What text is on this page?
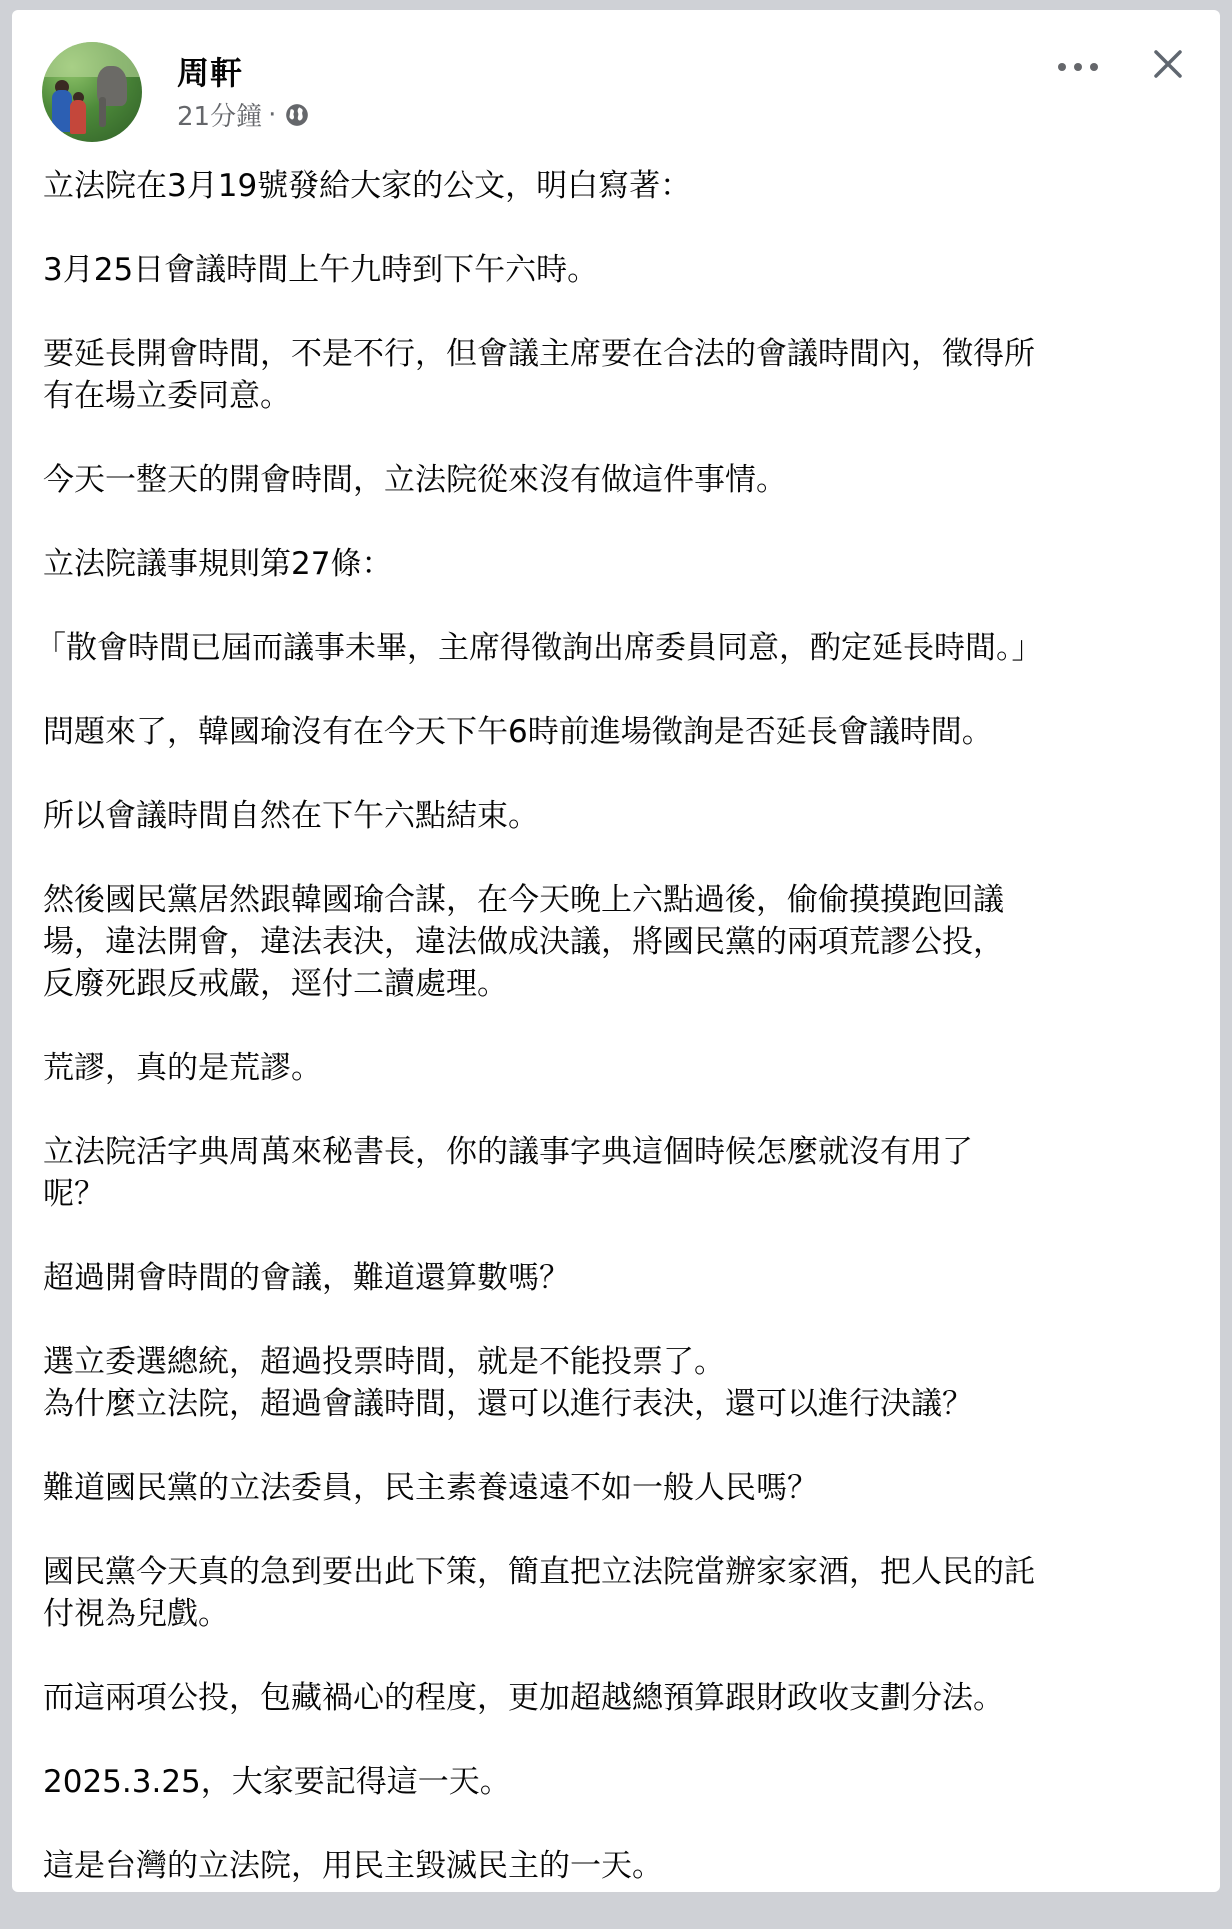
周軒
21分鐘 ·

立法院在3月19號發給大家的公文，明白寫著：

3月25日會議時間上午九時到下午六時。

要延長開會時間，不是不行，但會議主席要在合法的會議時間內，徵得所
有在場立委同意。

今天一整天的開會時間，立法院從來沒有做這件事情。

立法院議事規則第27條：

「散會時間已屆而議事未畢，主席得徵詢出席委員同意，酌定延長時間。」

問題來了，韓國瑜沒有在今天下午6時前進場徵詢是否延長會議時間。

所以會議時間自然在下午六點結束。

然後國民黨居然跟韓國瑜合謀，在今天晚上六點過後，偷偷摸摸跑回議
場，違法開會，違法表決，違法做成決議，將國民黨的兩項荒謬公投，
反廢死跟反戒嚴，逕付二讀處理。

荒謬，真的是荒謬。

立法院活字典周萬來秘書長，你的議事字典這個時候怎麼就沒有用了
呢？

超過開會時間的會議，難道還算數嗎？

選立委選總統，超過投票時間，就是不能投票了。
為什麼立法院，超過會議時間，還可以進行表決，還可以進行決議？

難道國民黨的立法委員，民主素養遠遠不如一般人民嗎？

國民黨今天真的急到要出此下策，簡直把立法院當辦家家酒，把人民的託
付視為兒戲。

而這兩項公投，包藏禍心的程度，更加超越總預算跟財政收支劃分法。

2025.3.25，大家要記得這一天。

這是台灣的立法院，用民主毀滅民主的一天。
